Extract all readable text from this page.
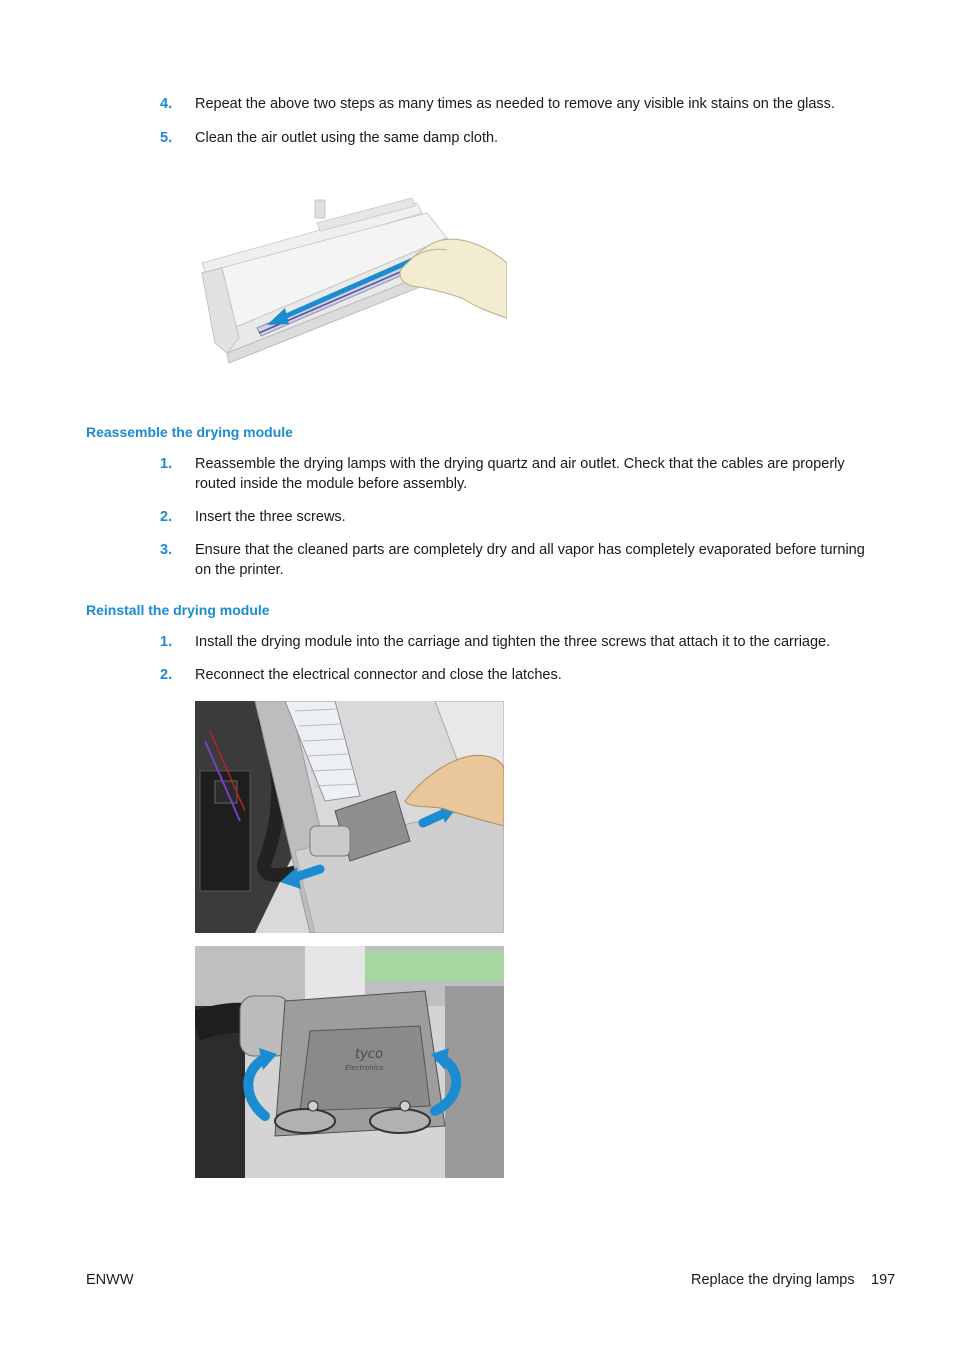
4.	Repeat the above two steps as many times as needed to remove any visible ink stains on the glass.
5.	Clean the air outlet using the same damp cloth.
Reassemble the drying module
1.	Reassemble the drying lamps with the drying quartz and air outlet. Check that the cables are properly routed inside the module before assembly.
2.	Insert the three screws.
3.	Ensure that the cleaned parts are completely dry and all vapor has completely evaporated before turning on the printer.
Reinstall the drying module
1.	Install the drying module into the carriage and tighten the three screws that attach it to the carriage.
2.	Reconnect the electrical connector and close the latches.
tyco
Electronics
ENWW	Replace the drying lamps 197
